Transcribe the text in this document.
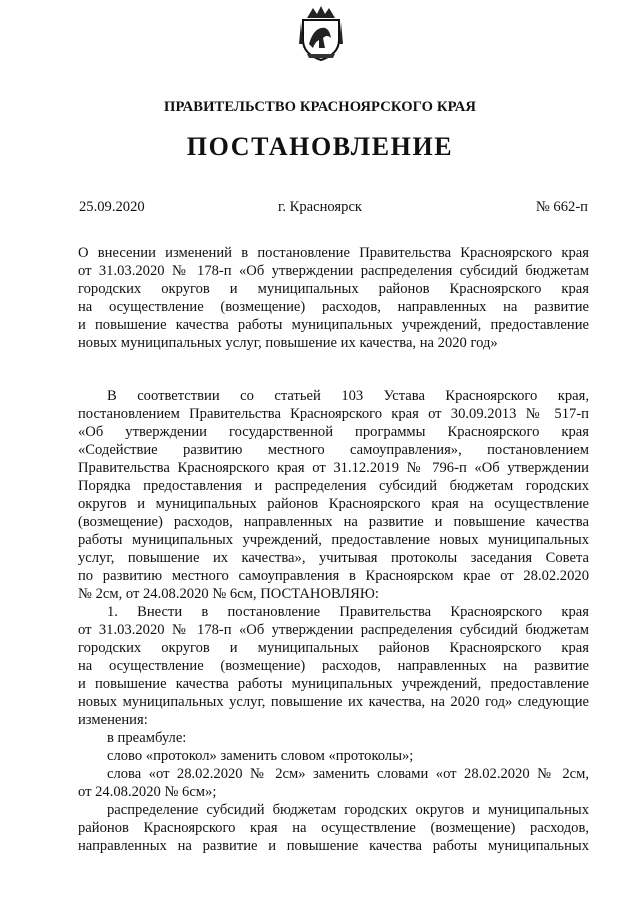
ПРАВИТЕЛЬСТВО КРАСНОЯРСКОГО КРАЯ
ПОСТАНОВЛЕНИЕ
25.09.2020	г. Красноярск	№ 662-п
О внесении изменений в постановление Правительства Красноярского края
от 31.03.2020 № 178-п «Об утверждении распределения субсидий бюджетам
городских округов и муниципальных районов Красноярского края
на осуществление (возмещение) расходов, направленных на развитие
и повышение качества работы муниципальных учреждений, предоставление
новых муниципальных услуг, повышение их качества, на 2020 год»
В соответствии со статьей 103 Устава Красноярского края,
постановлением Правительства Красноярского края от 30.09.2013 № 517-п
«Об утверждении государственной программы Красноярского края
«Содействие развитию местного самоуправления», постановлением
Правительства Красноярского края от 31.12.2019 № 796-п «Об утверждении
Порядка предоставления и распределения субсидий бюджетам городских
округов и муниципальных районов Красноярского края на осуществление
(возмещение) расходов, направленных на развитие и повышение качества
работы муниципальных учреждений, предоставление новых муниципальных
услуг, повышение их качества», учитывая протоколы заседания Совета
по развитию местного самоуправления в Красноярском крае от 28.02.2020
№ 2см, от 24.08.2020 № 6см, ПОСТАНОВЛЯЮ:
1. Внести в постановление Правительства Красноярского края
от 31.03.2020 № 178-п «Об утверждении распределения субсидий бюджетам
городских округов и муниципальных районов Красноярского края
на осуществление (возмещение) расходов, направленных на развитие
и повышение качества работы муниципальных учреждений, предоставление
новых муниципальных услуг, повышение их качества, на 2020 год» следующие
изменения:
в преамбуле:
слово «протокол» заменить словом «протоколы»;
слова «от 28.02.2020 № 2см» заменить словами «от 28.02.2020 № 2см,
от 24.08.2020 № 6см»;
распределение субсидий бюджетам городских округов и муниципальных
районов Красноярского края на осуществление (возмещение) расходов,
направленных на развитие и повышение качества работы муниципальных
